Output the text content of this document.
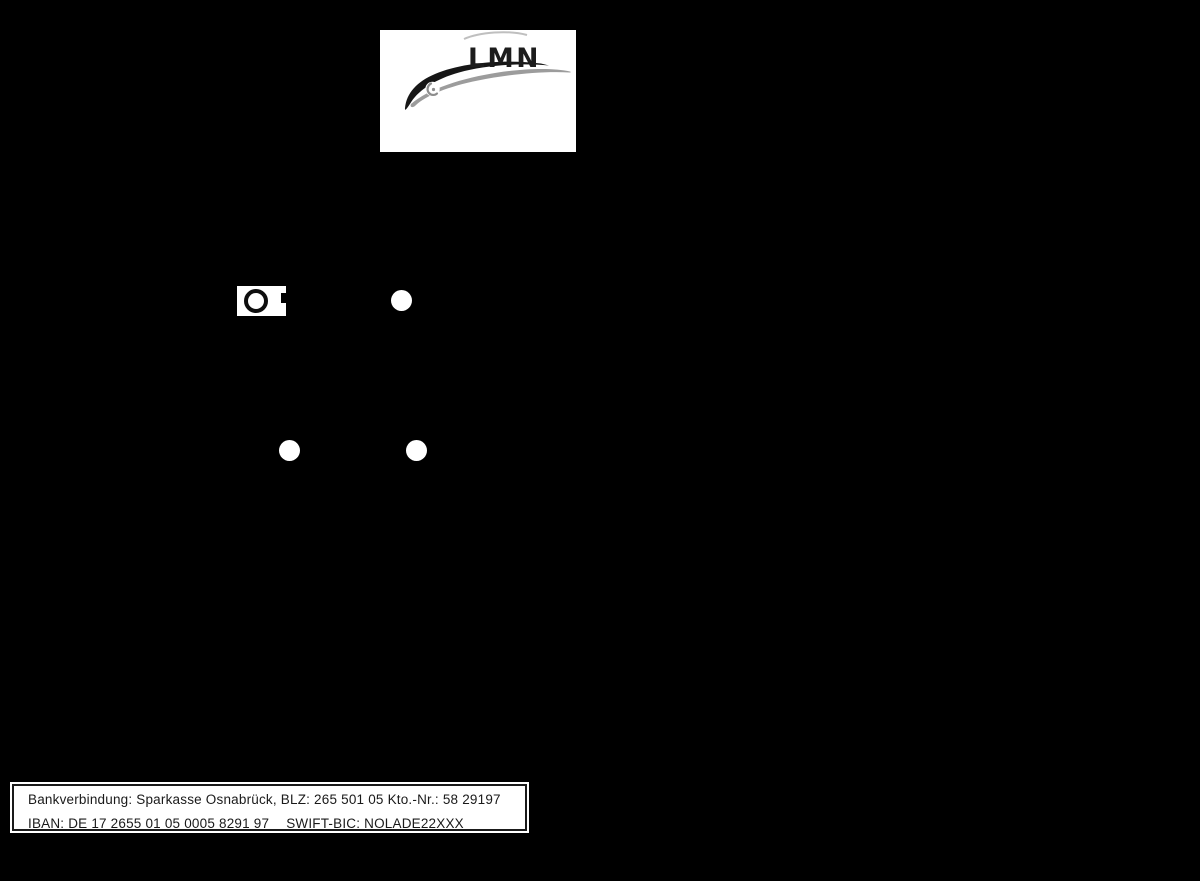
LMN
Bankverbindung: Sparkasse Osnabrück, BLZ: 265 501 05 Kto.-Nr.: 58 29197
IBAN: DE 17 2655 01 05 0005 8291 97 SWIFT-BIC: NOLADE22XXX
